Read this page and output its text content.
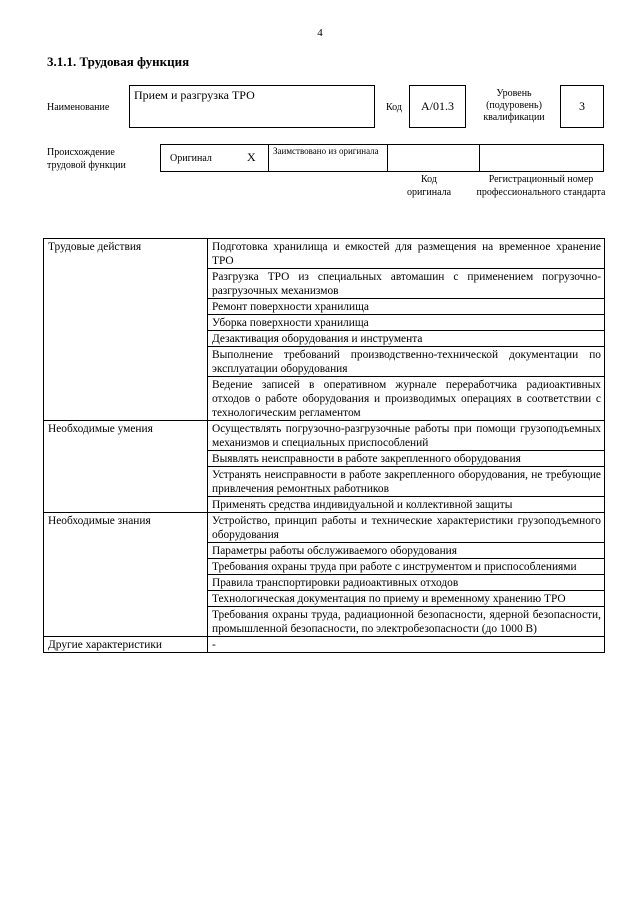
4
3.1.1. Трудовая функция
Наименование
Прием и разгрузка ТРО
Код	А/01.3
Уровень (подуровень) квалификации
3
Происхождение трудовой функции
Оригинал	Х Заимствовано из оригинала
Код оригинала
Регистрационный номер профессионального стандарта
Трудовые действия	Подготовка хранилища и емкостей для размещения на временное хранение ТРО
	Разгрузка ТРО из специальных автомашин с применением погрузочно-разгрузочных механизмов
	Ремонт поверхности хранилища
	Уборка поверхности хранилища
	Дезактивация оборудования и инструмента
	Выполнение требований производственно-технической документации по эксплуатации оборудования
	Ведение записей в оперативном журнале переработчика радиоактивных отходов о работе оборудования и производимых операциях в соответствии с технологическим регламентом
Необходимые умения	Осуществлять погрузочно-разгрузочные работы при помощи грузоподъемных механизмов и специальных приспособлений
	Выявлять неисправности в работе закрепленного оборудования
	Устранять неисправности в работе закрепленного оборудования, не требующие привлечения ремонтных работников
	Применять средства индивидуальной и коллективной защиты
Необходимые знания	Устройство, принцип работы и технические характеристики грузоподъемного оборудования
	Параметры работы обслуживаемого оборудования
	Требования охраны труда при работе с инструментом и приспособлениями
	Правила транспортировки радиоактивных отходов
	Технологическая документация по приему и временному хранению ТРО
	Требования охраны труда, радиационной безопасности, ядерной безопасности, промышленной безопасности, по электробезопасности (до 1000 В)
Другие характеристики	-
